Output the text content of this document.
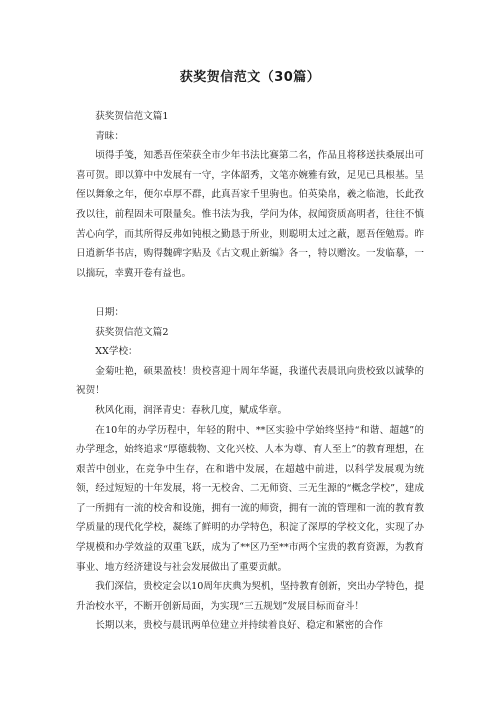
获奖贺信范文（30篇）

获奖贺信范文篇1

青昧：

顷得手笺，知悉吾侄荣获全市少年书法比赛第二名，作品且将移送扶桑展出可喜可贺。即以算中中发展有一守，字体韶秀，文笔亦婉雅有致，足见已具根基。呈侄以舞象之年，便尔卓厚不群，此真吾家千里驹也。伯英染帛，羲之临池，长此孜孜以往，前程固未可限量矣。惟书法为我，学问为体，叔闻资质高明者，往往不慎苦心向学，而其所得反弗如钝根之勤恳于所业，则聪明太过之蔽，愿吾侄勉焉。昨日逍新华书店，购得魏碑字贴及《古文观止新编》各一，特以赠汝。一发临摹，一以揣玩，幸冀开卷有益也。

日期：

获奖贺信范文篇2

XX学校：

金菊吐艳，硕果盈枝！贵校喜迎十周年华诞，我谨代表晨讯向贵校致以诚挚的祝贺！

秋风化雨，润泽青史：春秋几度，赋成华章。

在10年的办学历程中，年轻的附中、**区实验中学始终坚持“和谐、超越”的办学理念，始终追求“厚德载物、文化兴校、人本为尊、育人至上”的教育理想，在艰苦中创业，在竞争中生存，在和谐中发展，在超越中前进，以科学发展观为统领，经过短短的十年发展，将一无校舍、二无师资、三无生源的“概念学校”，建成了一所拥有一流的校舍和设施，拥有一流的师资，拥有一流的管理和一流的教育教学质量的现代化学校，凝练了鲜明的办学特色，积淀了深厚的学校文化，实现了办学规模和办学效益的双重飞跃，成为了**区乃至**市两个宝贵的教育资源，为教育事业、地方经济建设与社会发展做出了重要贡献。

我们深信，贵校定会以10周年庆典为契机，坚持教育创新，突出办学特色，提升治校水平，不断开创新局面，为实现“三五规划”发展目标而奋斗！

长期以来，贵校与晨讯两单位建立并持续着良好、稳定和紧密的合作
